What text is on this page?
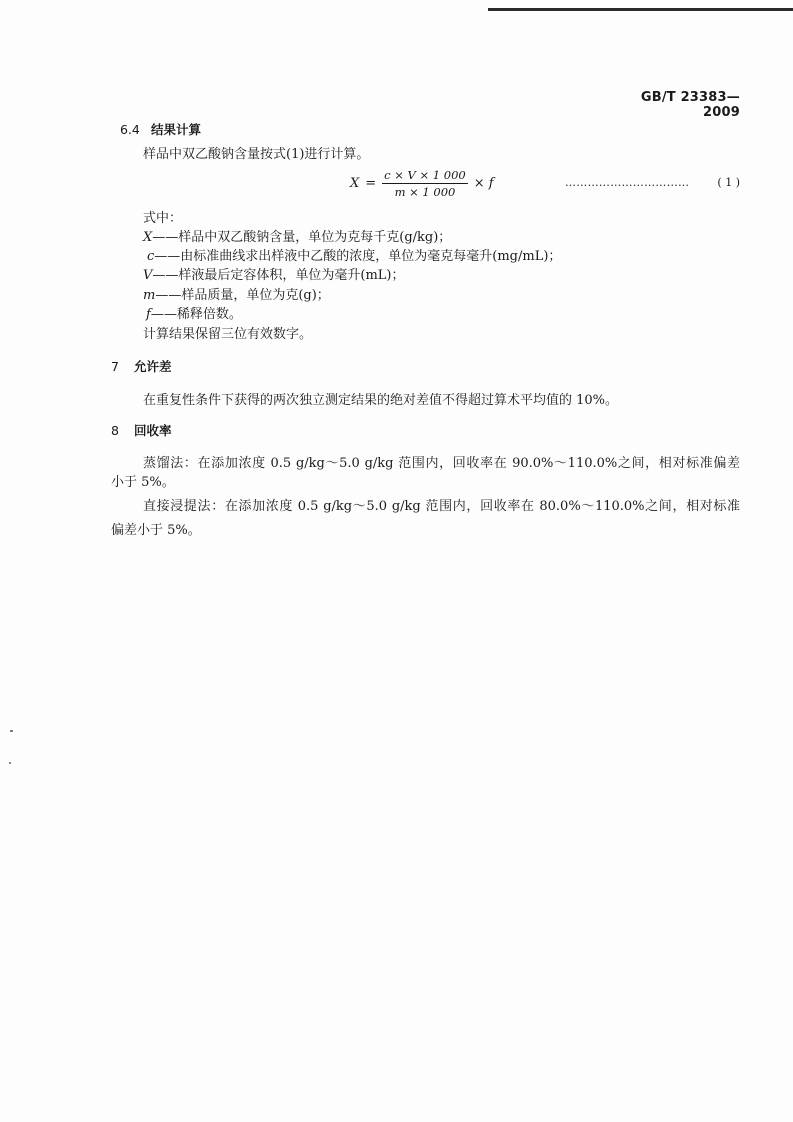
GB/T 23383—2009
6.4 结果计算
样品中双乙酸钠含量按式(1)进行计算。
$X = \frac{c \times V \times 1 000}{m \times 1 000} \times f$	……………………………	( 1 )
式中：
X——样品中双乙酸钠含量，单位为克每千克(g/kg)；
c——由标准曲线求出样液中乙酸的浓度，单位为毫克每毫升(mg/mL)；
V——样液最后定容体积，单位为毫升(mL)；
m——样品质量，单位为克(g)；
f——稀释倍数。
计算结果保留三位有效数字。
7 允许差
在重复性条件下获得的两次独立测定结果的绝对差值不得超过算术平均值的 10%。
8 回收率
蒸馏法：在添加浓度 0.5 g/kg～5.0 g/kg 范围内，回收率在 90.0%～110.0%之间，相对标准偏差
小于 5%。
直接浸提法：在添加浓度 0.5 g/kg～5.0 g/kg 范围内，回收率在 80.0%～110.0%之间，相对标准
偏差小于 5%。
